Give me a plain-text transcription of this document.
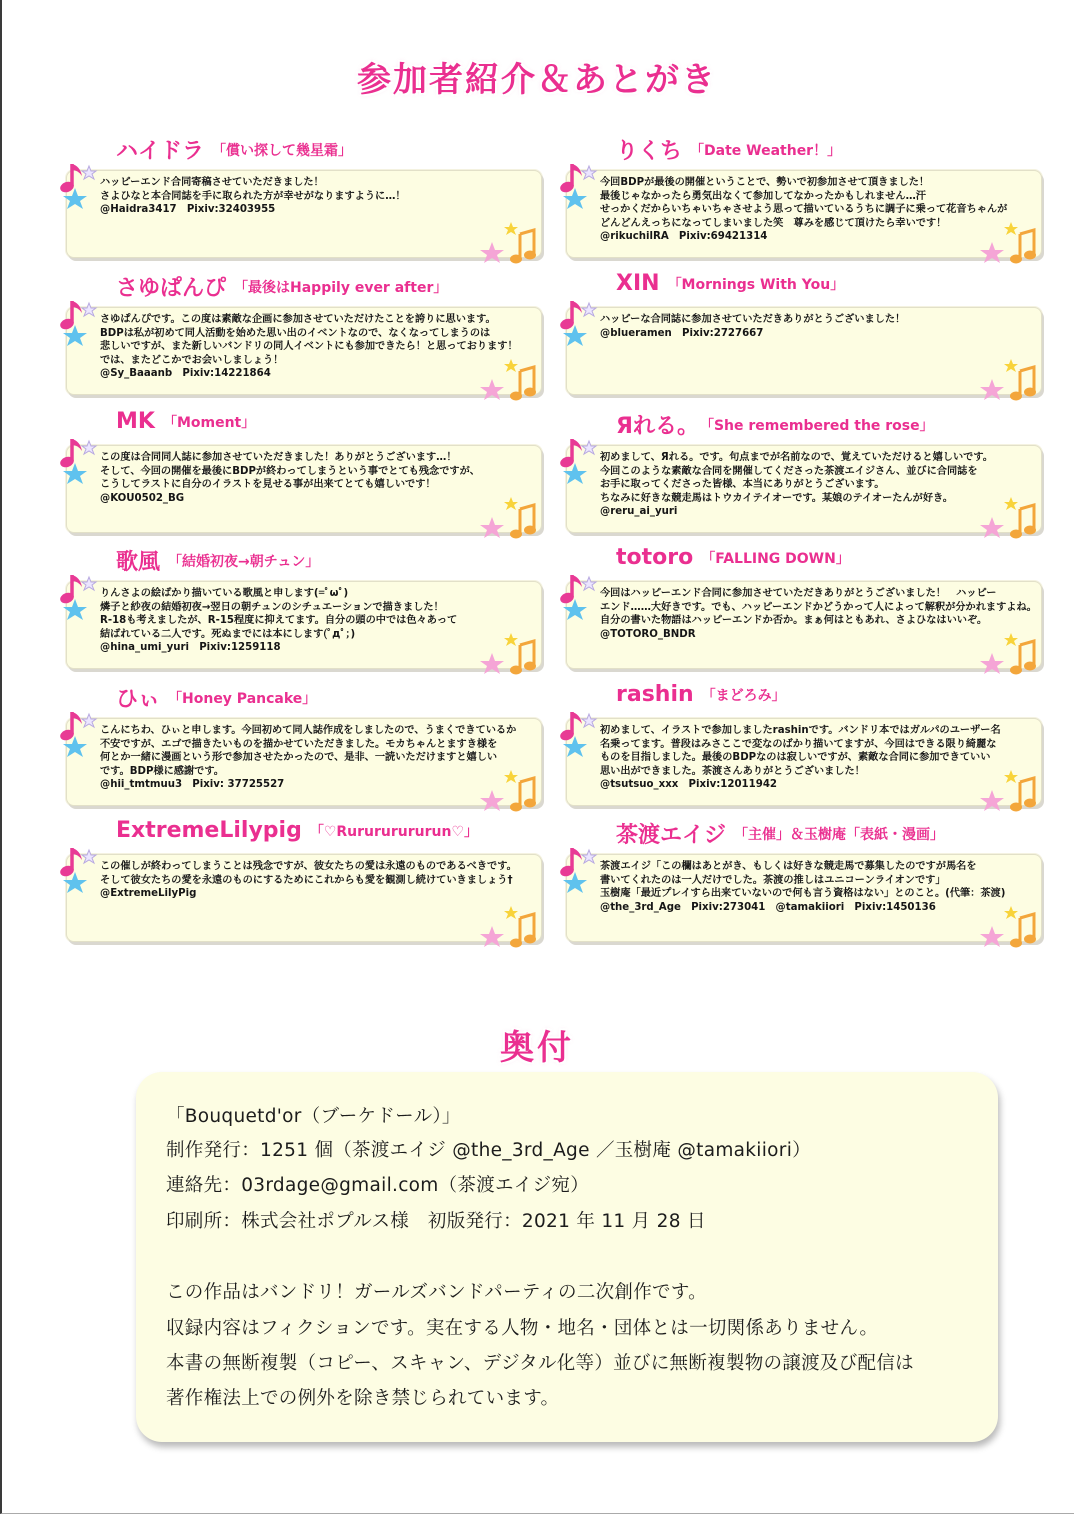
参加者紹介＆あとがき
ハイドラ 「償い探して幾星霜」
ハッピーエンド合同寄稿させていただきました！
さよひなと本合同誌を手に取られた方が幸せがなりますように…！
@Haidra3417　Pixiv:32403955
さゆぱんぴ 「最後はHappily ever after」
さゆぱんぴです。この度は素敵な企画に参加させていただけたことを誇りに思います。
BDPは私が初めて同人活動を始めた思い出のイベントなので、なくなってしまうのは
悲しいですが、また新しいバンドリの同人イベントにも参加できたら！と思っております！
では、またどこかでお会いしましょう！
@Sy_Baaanb　Pixiv:14221864
MK 「Moment」
この度は合同同人誌に参加させていただきました！ありがとうございます…！
そして、今回の開催を最後にBDPが終わってしまうという事でとても残念ですが、
こうしてラストに自分のイラストを見せる事が出来てとても嬉しいです！
@KOU0502_BG
歌風 「結婚初夜→朝チュン」
りんさよの絵ばかり描いている歌風と申します(=ﾟωﾟ)
燐子と紗夜の結婚初夜→翌日の朝チュンのシチュエーションで描きました！
R-18も考えましたが、R-15程度に抑えてます。自分の頭の中では色々あって
結ばれている二人です。死ぬまでには本にします(ﾟдﾟ；)
@hina_umi_yuri　Pixiv:1259118
ひぃ 「Honey Pancake」
こんにちわ、ひぃと申します。今回初めて同人誌作成をしましたので、うまくできているか
不安ですが、エゴで描きたいものを描かせていただきました。モカちゃんとますき様を
何とか一緒に漫画という形で参加させたかったので、是非、一読いただけますと嬉しい
です。BDP様に感謝です。
@hii_tmtmuu3　Pixiv: 37725527
ExtremeLilypig 「♡Rurururururun♡」
この催しが終わってしまうことは残念ですが、彼女たちの愛は永遠のものであるべきです。
そして彼女たちの愛を永遠のものにするためにこれからも愛を観測し続けていきましょう†
@ExtremeLilyPig
りくち 「Date Weather！」
今回BDPが最後の開催ということで、勢いで初参加させて頂きました！
最後じゃなかったら勇気出なくて参加してなかったかもしれません…汗
せっかくだからいちゃいちゃさせよう思って描いているうちに調子に乗って花音ちゃんが
どんどんえっちになってしまいました笑　尊みを感じて頂けたら幸いです！
@rikuchilRA　Pixiv:69421314
XIN 「Mornings With You」
ハッピーな合同誌に参加させていただきありがとうございました！
@blueramen　Pixiv:2727667
Яれる。 「She remembered the rose」
初めまして、Яれる。です。句点までが名前なので、覚えていただけると嬉しいです。
今回このような素敵な合同を開催してくださった茶渡エイジさん、並びに合同誌を
お手に取ってくださった皆様、本当にありがとうございます。
ちなみに好きな競走馬はトウカイテイオーです。某娘のテイオーたんが好き。
@reru_ai_yuri
totoro 「FALLING DOWN」
今回はハッピーエンド合同に参加させていただきありがとうございました！　ハッピー
エンド……大好きです。でも、ハッピーエンドかどうかって人によって解釈が分かれますよね。
自分の書いた物語はハッピーエンドか否か。まぁ何はともあれ、さよひなはいいぞ。
@TOTORO_BNDR
rashin 「まどろみ」
初めまして、イラストで参加しましたrashinです。バンドリ本ではガルパのユーザー名
名乗ってます。普段はみさここで変なのばかり描いてますが、今回はできる限り綺麗な
ものを目指しました。最後のBDPなのは寂しいですが、素敵な合同に参加できていい
思い出ができました。茶渡さんありがとうございました！
@tsutsuo_xxx　Pixiv:12011942
茶渡エイジ 「主催」＆玉樹庵「表紙・漫画」
茶渡エイジ「この欄はあとがき、もしくは好きな競走馬で募集したのですが馬名を
書いてくれたのは一人だけでした。茶渡の推しはユニコーンライオンです」
玉樹庵「最近プレイすら出来ていないので何も言う資格はない」とのこと。(代筆：茶渡)
@the_3rd_Age　Pixiv:273041　@tamakiiori　Pixiv:1450136
奥付

「Bouquetd'or（ブーケドール）」

制作発行：1251 個（茶渡エイジ @the_3rd_Age ／玉樹庵 @tamakiiori）

連絡先：03rdage@gmail.com（茶渡エイジ宛）

印刷所：株式会社ポプルス様　初版発行：2021 年 11 月 28 日

この作品はバンドリ！ガールズバンドパーティの二次創作です。

収録内容はフィクションです。実在する人物・地名・団体とは一切関係ありません。

本書の無断複製（コピー、スキャン、デジタル化等）並びに無断複製物の譲渡及び配信は

著作権法上での例外を除き禁じられています。
